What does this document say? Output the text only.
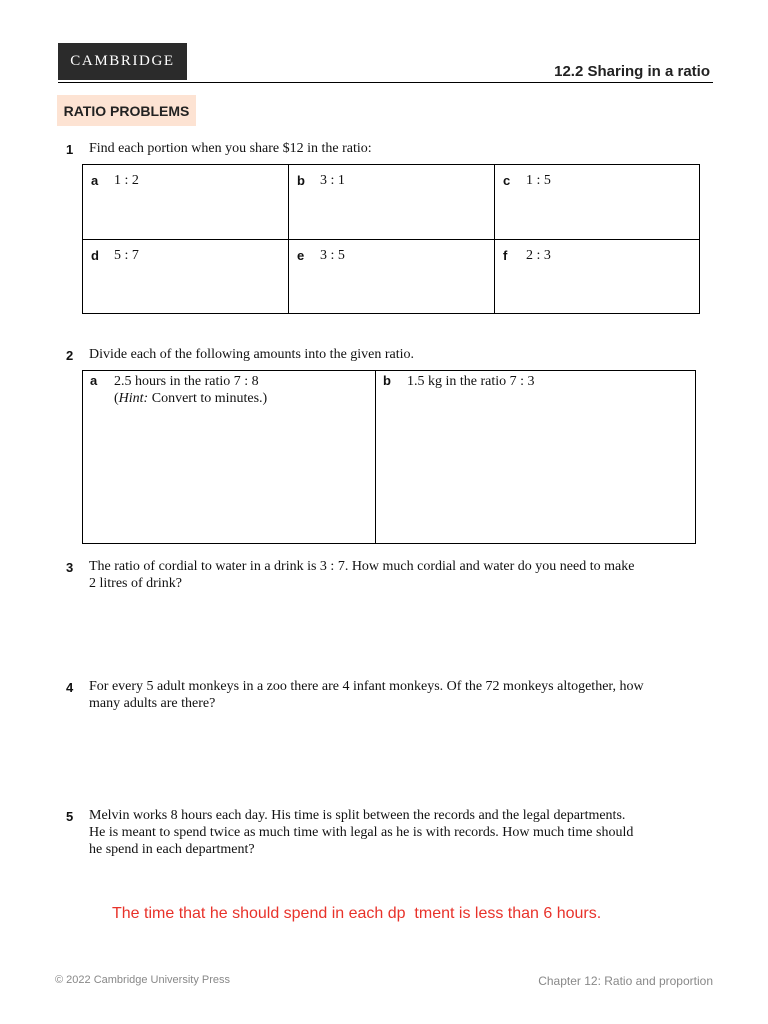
CAMBRIDGE
12.2 Sharing in a ratio
RATIO PROBLEMS
1 Find each portion when you share $12 in the ratio:
a 1 : 2	b 3 : 1	c 1 : 5
d 5 : 7	e 3 : 5	f 2 : 3
2 Divide each of the following amounts into the given ratio.
a 2.5 hours in the ratio 7 : 8
(Hint: Convert to minutes.)
b 1.5 kg in the ratio 7 : 3
3 The ratio of cordial to water in a drink is 3 : 7. How much cordial and water do you need to make
2 litres of drink?
4 For every 5 adult monkeys in a zoo there are 4 infant monkeys. Of the 72 monkeys altogether, how
many adults are there?
5 Melvin works 8 hours each day. His time is split between the records and the legal departments.
He is meant to spend twice as much time with legal as he is with records. How much time should
he spend in each department?
The time that he should spend in each dp  tment is less than 6 hours.
© 2022 Cambridge University Press	Chapter 12: Ratio and proportion
